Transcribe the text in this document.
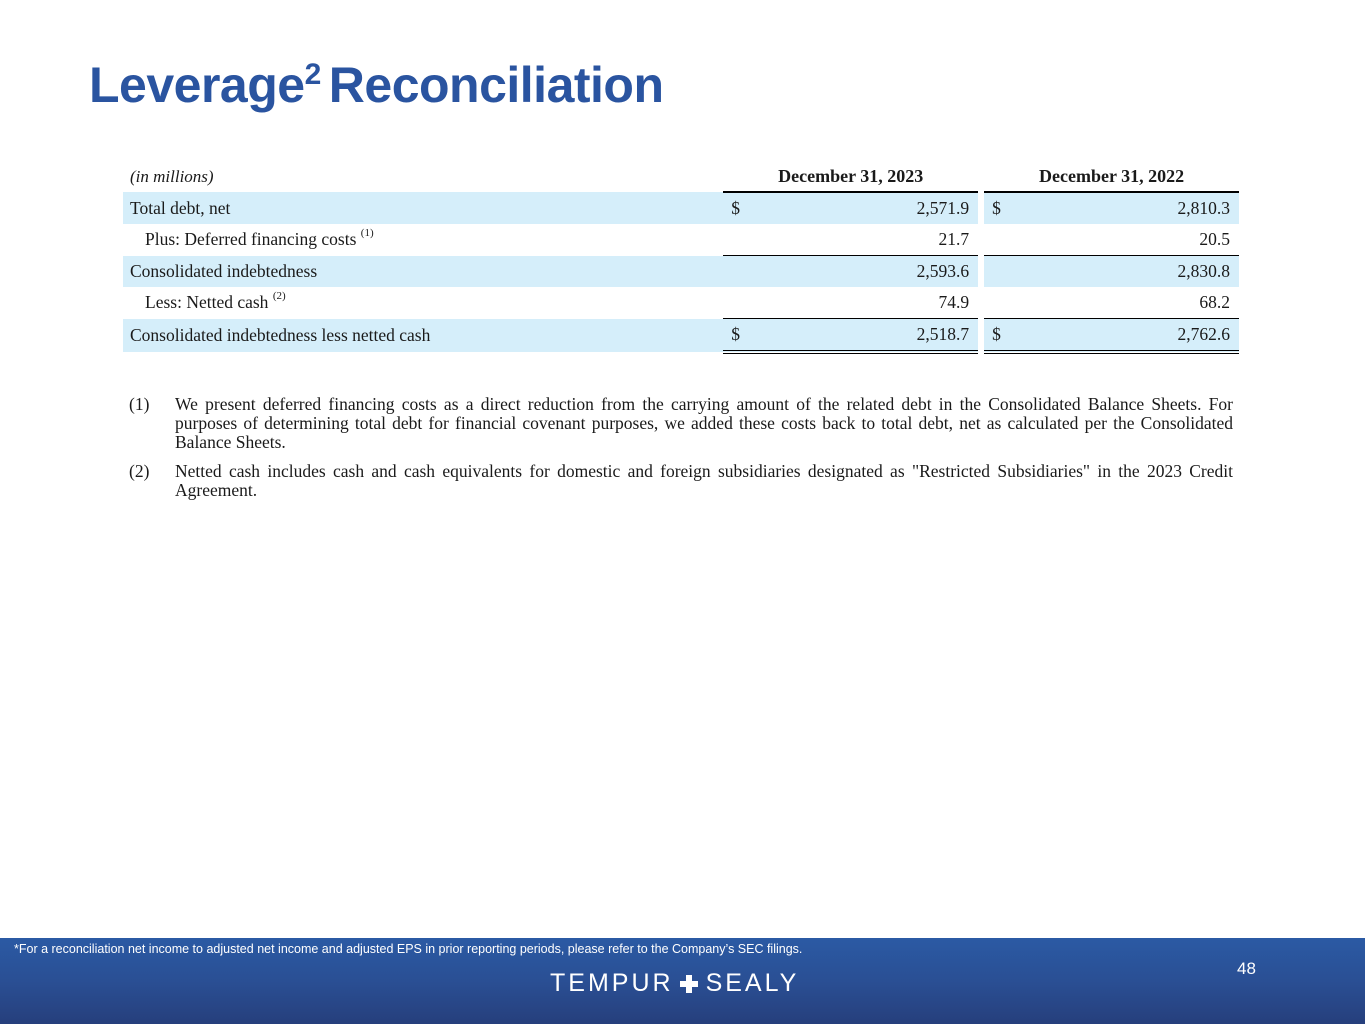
Leverage$^2$ Reconciliation
(in millions)	December 31, 2023			December 31, 2022	
Total debt, net	$	2,571.9		$	2,810.3
Plus: Deferred financing costs $^{(1)}$		21.7			20.5
Consolidated indebtedness		2,593.6			2,830.8
Less: Netted cash $^{(2)}$		74.9			68.2
Consolidated indebtedness less netted cash	$	2,518.7		$	2,762.6
(1)	We present deferred financing costs as a direct reduction from the carrying amount of the related debt in the Consolidated Balance Sheets. For purposes of determining total debt for financial covenant purposes, we added these costs back to total debt, net as calculated per the Consolidated Balance Sheets.
(2)	Netted cash includes cash and cash equivalents for domestic and foreign subsidiaries designated as "Restricted Subsidiaries" in the 2023 Credit Agreement.
*For a reconciliation net income to adjusted net income and adjusted EPS in prior reporting periods, please refer to the Company’s SEC filings.
TEMPUR SEALY
48
